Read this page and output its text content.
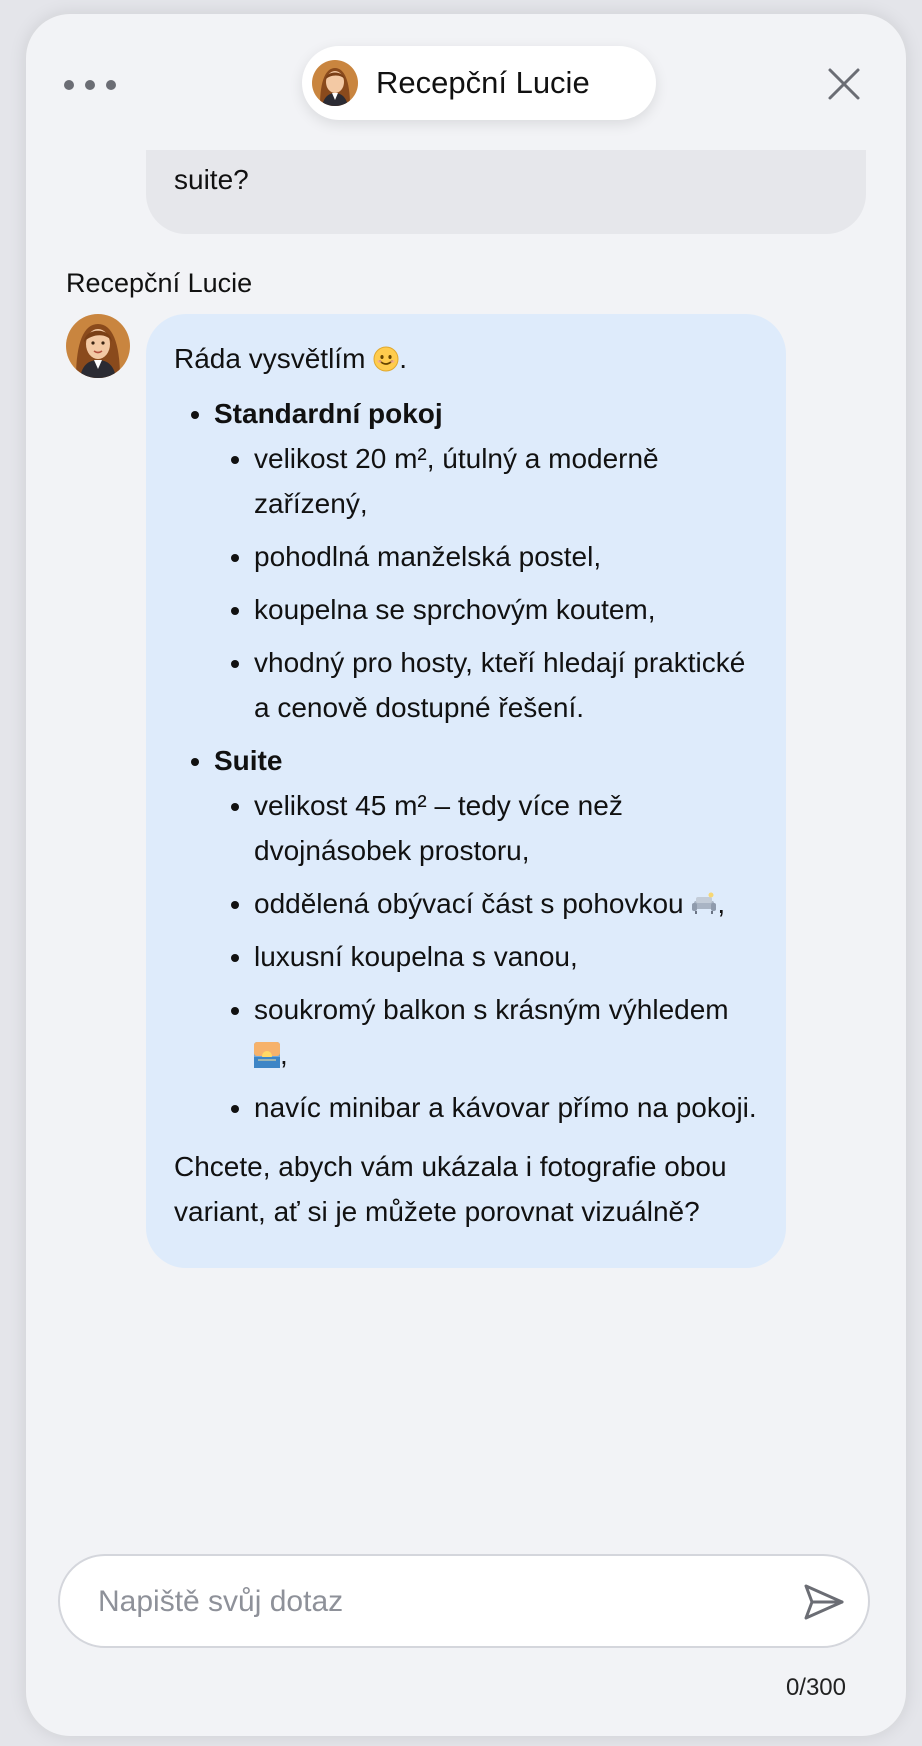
Recepční Lucie
suite?
Recepční Lucie

Ráda vysvětlím .

• Standardní pokoj
• velikost 20 m², útulný a moderně zařízený,
• pohodlná manželská postel,
• koupelna se sprchovým koutem,
• vhodný pro hosty, kteří hledají praktické a cenově dostupné řešení.
• Suite
• velikost 45 m² – tedy více než dvojnásobek prostoru,
• oddělená obývací část s pohovkou ,
• luxusní koupelna s vanou,
• soukromý balkon s krásným výhledem ,
• navíc minibar a kávovar přímo na pokoji.

Chcete, abych vám ukázala i fotografie obou variant, ať si je můžete porovnat vizuálně?

Napiště svůj dotaz
0/300
